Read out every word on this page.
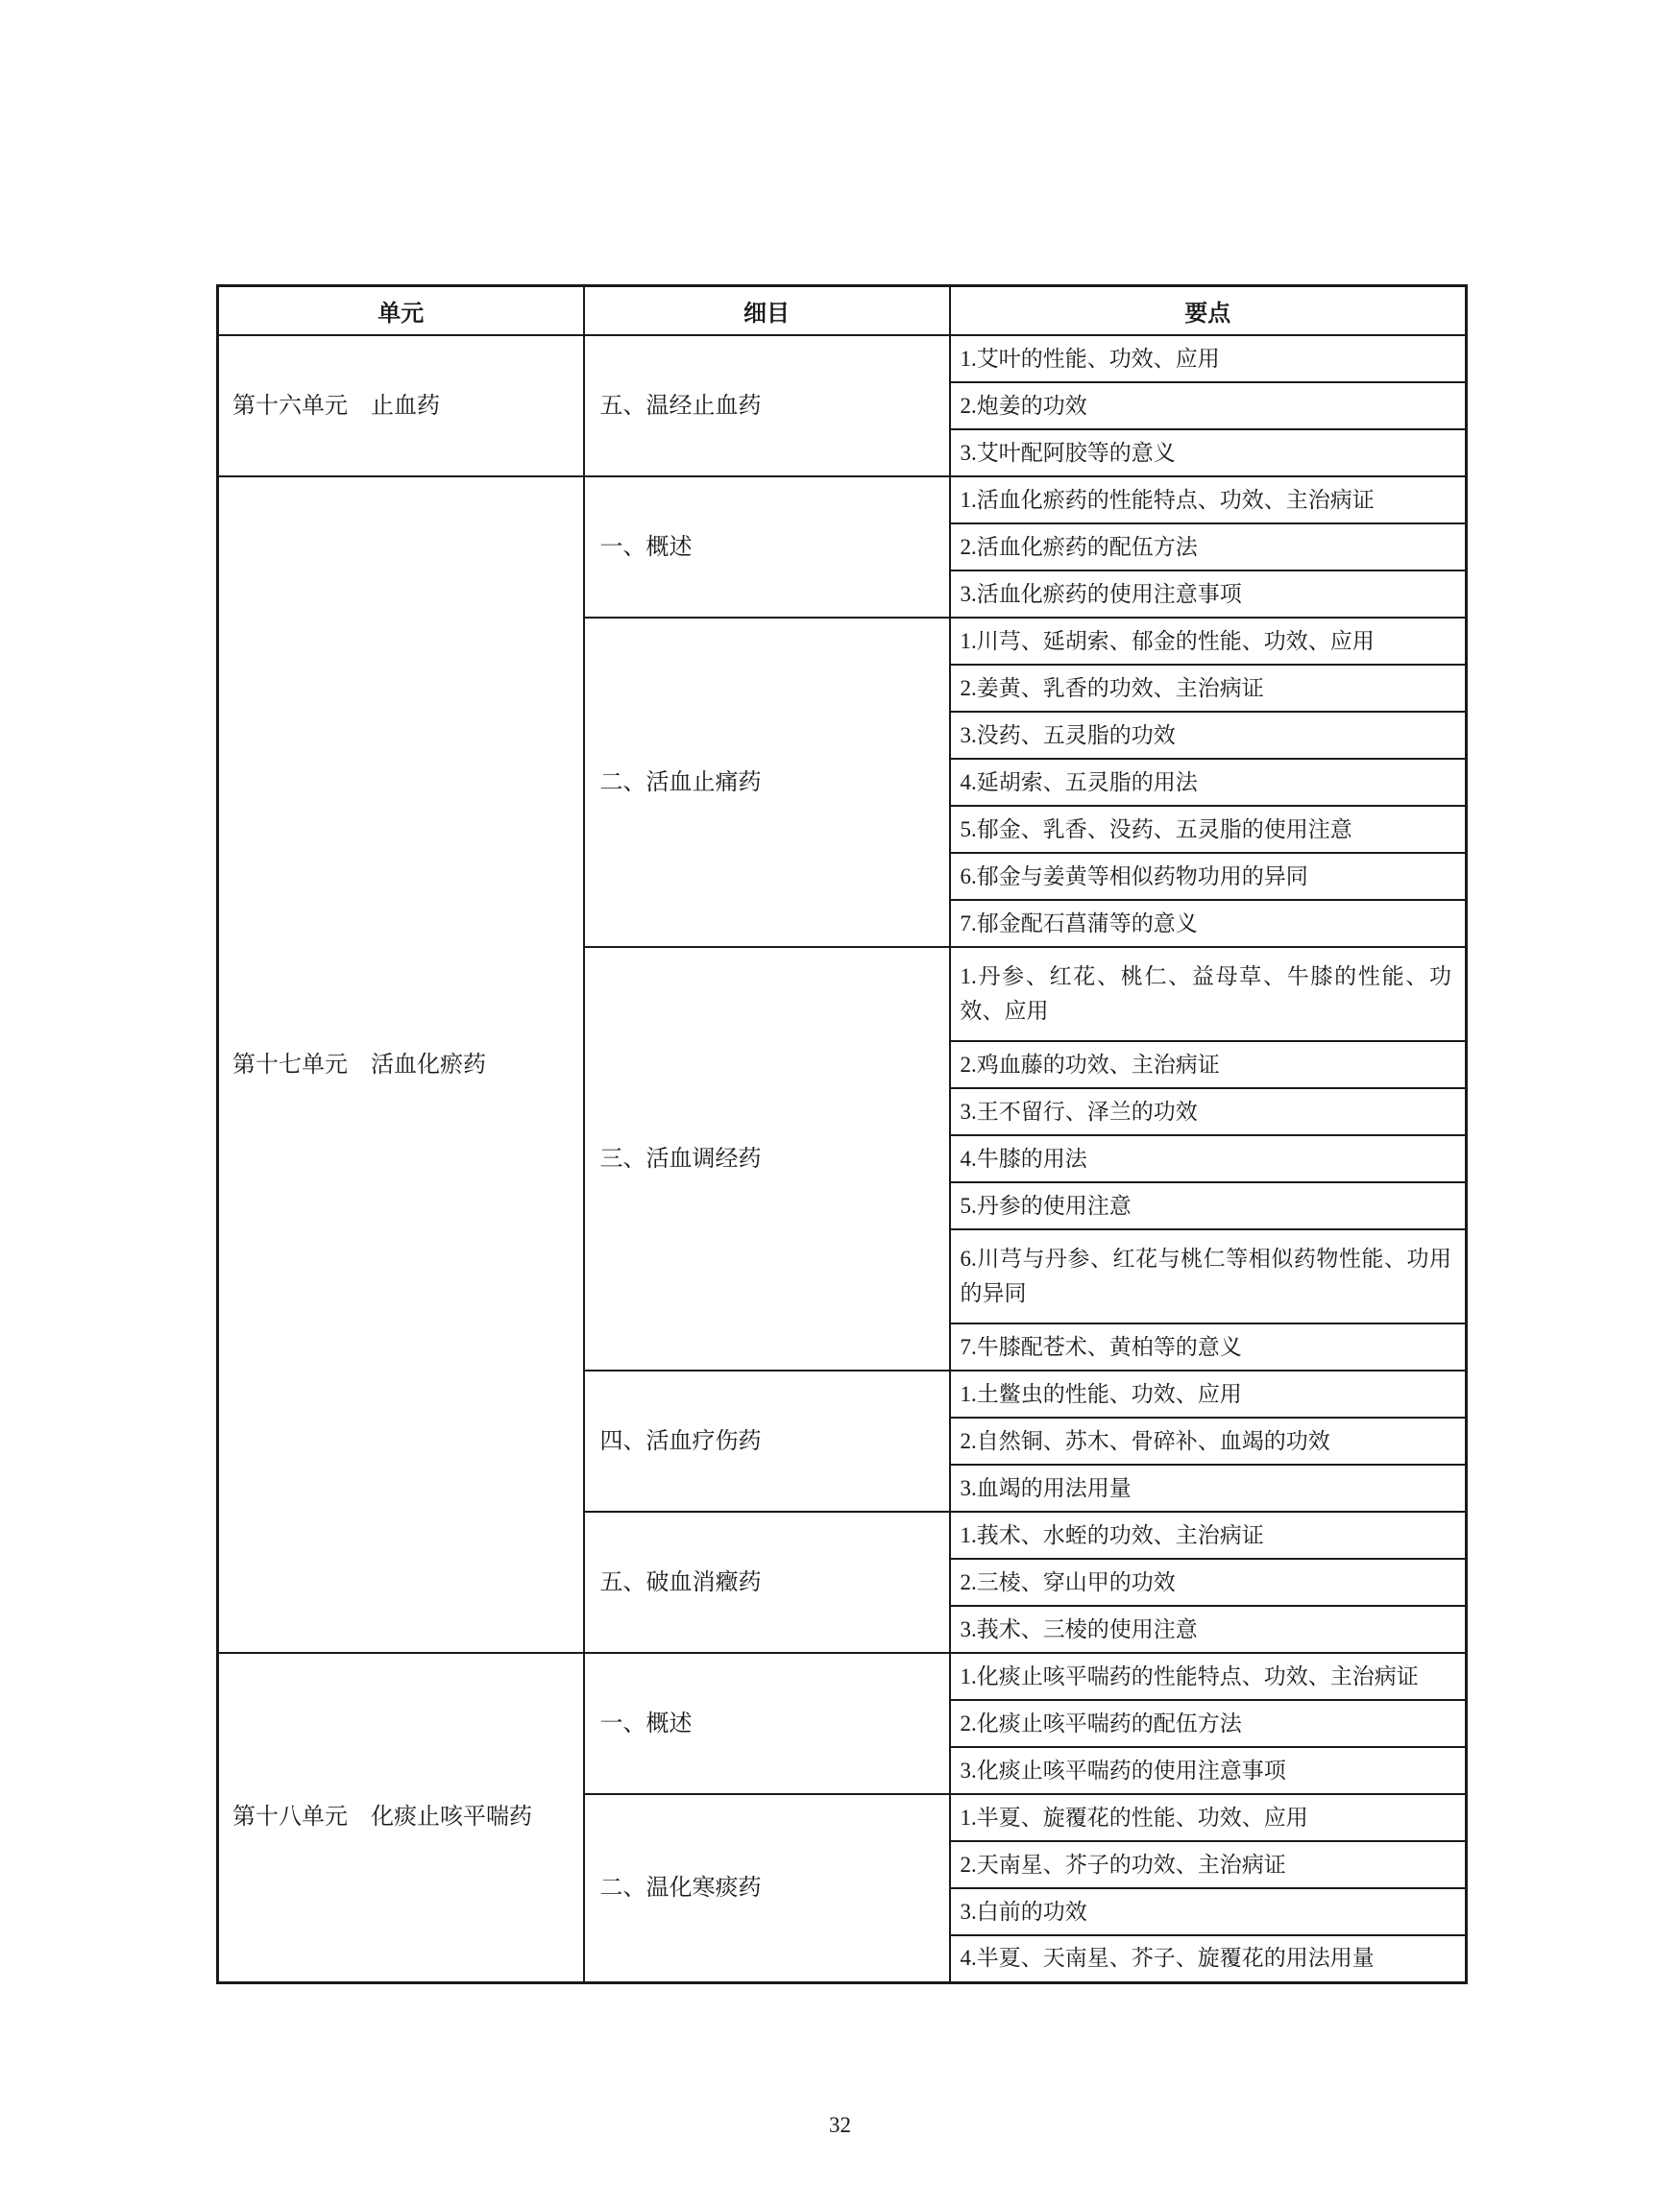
单元	细目	要点
第十六单元　止血药	五、温经止血药	1.艾叶的性能、功效、应用
		2.炮姜的功效
		3.艾叶配阿胶等的意义
第十七单元　活血化瘀药	一、概述	1.活血化瘀药的性能特点、功效、主治病证
		2.活血化瘀药的配伍方法
		3.活血化瘀药的使用注意事项
	二、活血止痛药	1.川芎、延胡索、郁金的性能、功效、应用
		2.姜黄、乳香的功效、主治病证
		3.没药、五灵脂的功效
		4.延胡索、五灵脂的用法
		5.郁金、乳香、没药、五灵脂的使用注意
		6.郁金与姜黄等相似药物功用的异同
		7.郁金配石菖蒲等的意义
	三、活血调经药	1.丹参、红花、桃仁、益母草、牛膝的性能、功效、应用
		2.鸡血藤的功效、主治病证
		3.王不留行、泽兰的功效
		4.牛膝的用法
		5.丹参的使用注意
		6.川芎与丹参、红花与桃仁等相似药物性能、功用的异同
		7.牛膝配苍术、黄柏等的意义
	四、活血疗伤药	1.土鳖虫的性能、功效、应用
		2.自然铜、苏木、骨碎补、血竭的功效
		3.血竭的用法用量
	五、破血消癥药	1.莪术、水蛭的功效、主治病证
		2.三棱、穿山甲的功效
		3.莪术、三棱的使用注意
第十八单元　化痰止咳平喘药	一、概述	1.化痰止咳平喘药的性能特点、功效、主治病证
		2.化痰止咳平喘药的配伍方法
		3.化痰止咳平喘药的使用注意事项
	二、温化寒痰药	1.半夏、旋覆花的性能、功效、应用
		2.天南星、芥子的功效、主治病证
		3.白前的功效
		4.半夏、天南星、芥子、旋覆花的用法用量
32
